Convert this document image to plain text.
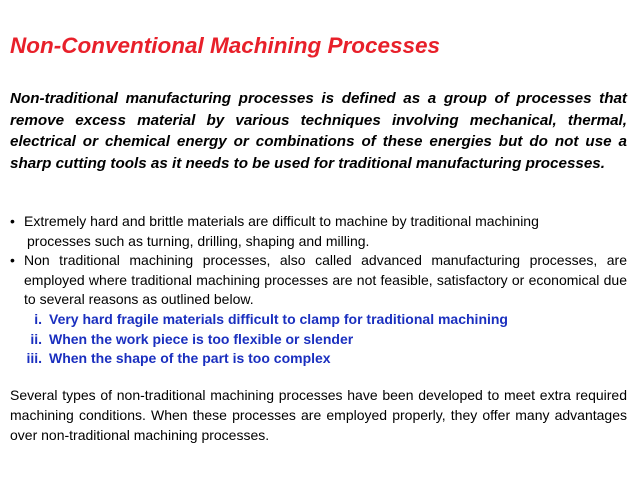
Non-Conventional Machining Processes
Non-traditional manufacturing processes is defined as a group of processes that remove excess material by various techniques involving mechanical, thermal, electrical or chemical energy or combinations of these energies but do not use a sharp cutting tools as it needs to be used for traditional manufacturing processes.
• Extremely hard and brittle materials are difficult to machine by traditional machining
processes such as turning, drilling, shaping and milling.
• Non traditional machining processes, also called advanced manufacturing processes, are employed where traditional machining processes are not feasible, satisfactory or economical due to several reasons as outlined below.
i. Very hard fragile materials difficult to clamp for traditional machining
ii. When the work piece is too flexible or slender
iii. When the shape of the part is too complex
Several types of non-traditional machining processes have been developed to meet extra required machining conditions. When these processes are employed properly, they offer many advantages over non-traditional machining processes.
